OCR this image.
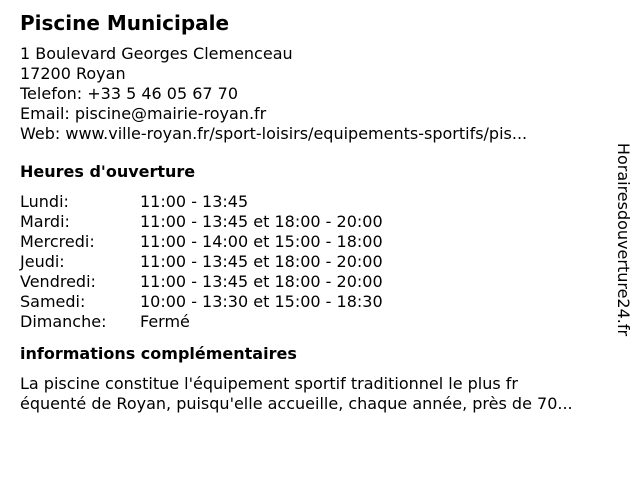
Piscine Municipale
1 Boulevard Georges Clemenceau
17200 Royan
Telefon: +33 5 46 05 67 70
Email: piscine@mairie-royan.fr
Web: www.ville-royan.fr/sport-loisirs/equipements-sportifs/pis...
Heures d'ouverture
Lundi:	11:00 - 13:45
Mardi:	11:00 - 13:45 et 18:00 - 20:00
Mercredi:	11:00 - 14:00 et 15:00 - 18:00
Jeudi:	11:00 - 13:45 et 18:00 - 20:00
Vendredi:	11:00 - 13:45 et 18:00 - 20:00
Samedi:	10:00 - 13:30 et 15:00 - 18:30
Dimanche:	Fermé
informations complémentaires
La piscine constitue l'équipement sportif traditionnel le plus fr
équenté de Royan, puisqu'elle accueille, chaque année, près de 70...
Horairesdouverture24.fr
